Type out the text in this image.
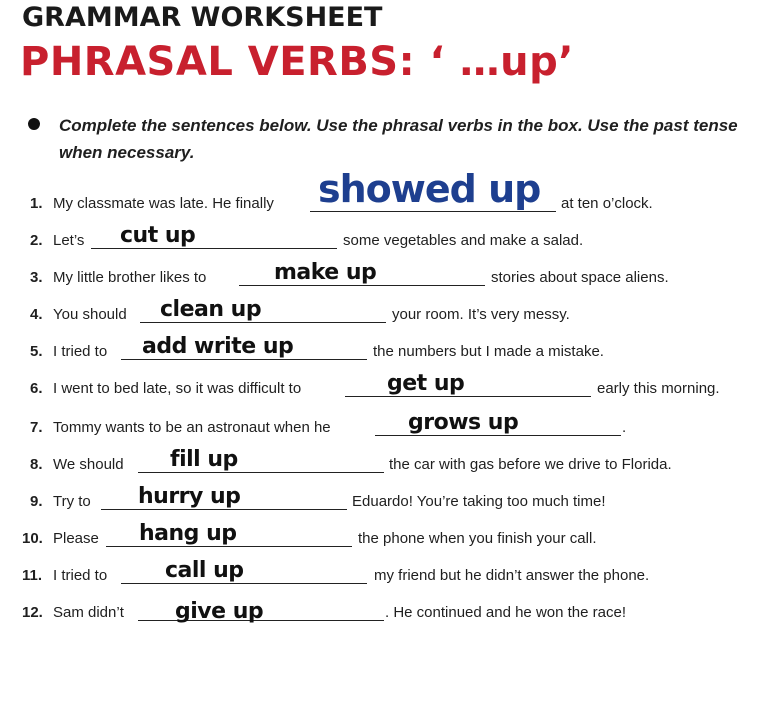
GRAMMAR WORKSHEET
PHRASAL VERBS: ‘ …up’
Complete the sentences below. Use the phrasal verbs in the box. Use the past tense when necessary.
1. My classmate was late. He finally showed up at ten o’clock.
2. Let’s cut up	some vegetables and make a salad.
3. My little brother likes to	make up	stories about space aliens.
4. You should clean up	your room. It’s very messy.
5. I tried to add write up	the numbers but I made a mistake.
6. I went to bed late, so it was difficult to	get up	early this morning.
7. Tommy wants to be an astronaut when he	grows up	.
8. We should fill up	the car with gas before we drive to Florida.
9. Try to hurry up	Eduardo! You’re taking too much time!
10. Please hang up	the phone when you finish your call.
11. I tried to	call up	my friend but he didn’t answer the phone.
12. Sam didn’t give up	. He continued and he won the race!
